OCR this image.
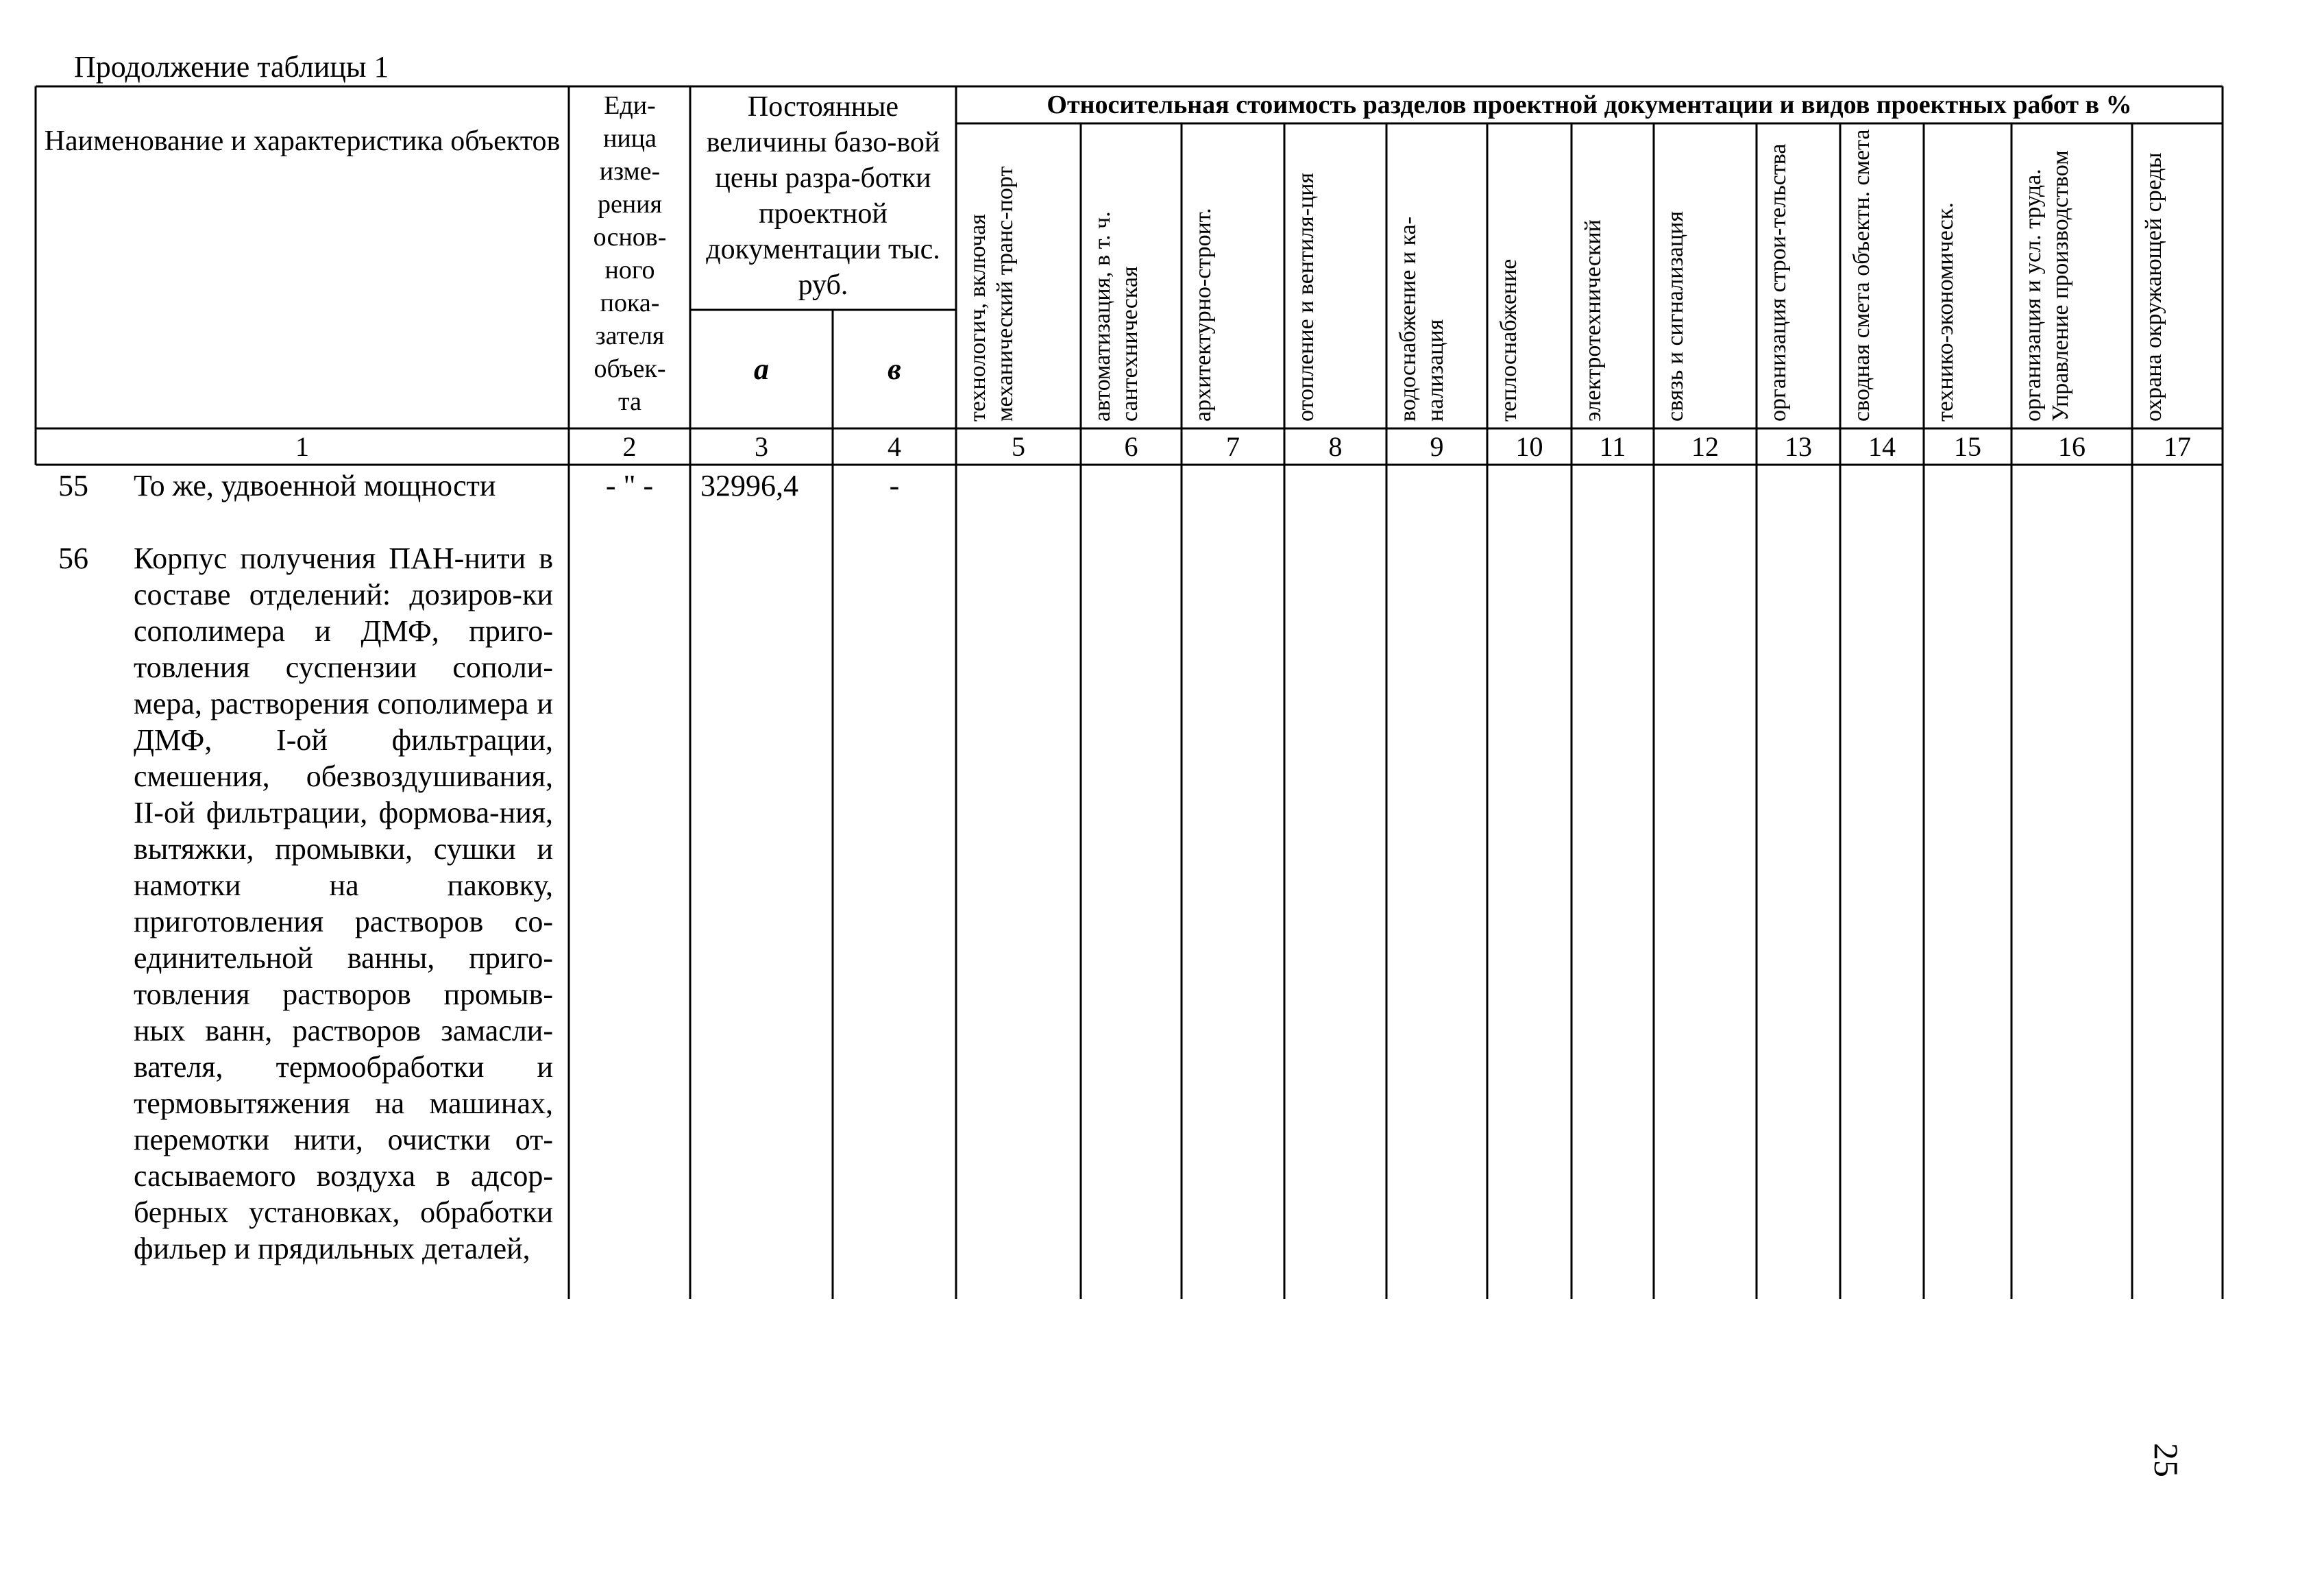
Продолжение таблицы 1
Наименование и характеристика объектов
Еди-
ница
изме-
рения
основ-
ного
пока-
зателя
объек-
та
Постоянные величины базо-вой цены разра-ботки проектной документации тыс. руб.
а	в
Относительная стоимость разделов проектной документации и видов проектных работ в %
технологич, включая механический транс-порт	автоматизация, в т. ч. сантехническая	архитектурно-строит.	отопление и вентиля-ция	водоснабжение и ка-нализация	теплоснабжение	электротехнический	связь и сигнализация	организация строи-тельства	сводная смета объектн. смета	технико-экономическ.	организация и усл. труда. Управление производством	охрана окружающей среды
1	2	3	4	5	6	7	8	9	10	11	12	13	14	15	16	17
55 То же, удвоенной мощности	- " -	32996,4	-
56 Корпус получения ПАН-нити в составе отделений: дозиров-ки сополимера и ДМФ, приго-товления суспензии сополи-мера, растворения сополимера и ДМФ, I-ой фильтрации, смешения, обезвоздушивания, II-ой фильтрации, формова-ния, вытяжки, промывки, сушки и намотки на паковку, приготовления растворов со-единительной ванны, приго-товления растворов промыв-ных ванн, растворов замасли-вателя, термообработки и термовытяжения на машинах, перемотки нити, очистки от-сасываемого воздуха в адсор-берных установках, обработки фильер и прядильных деталей,
25
